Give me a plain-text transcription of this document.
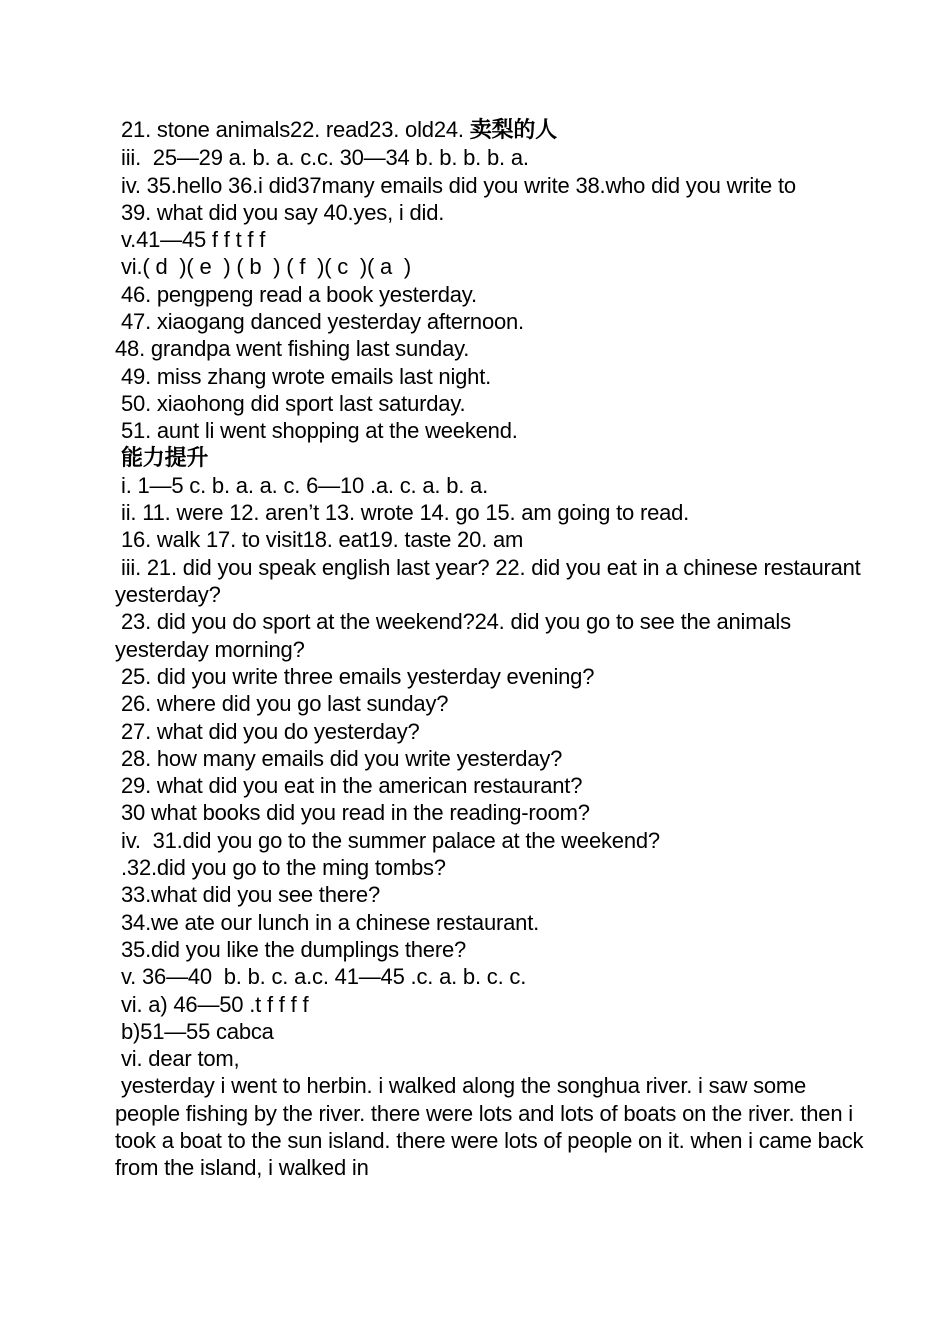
21. stone animals22. read23. old24. 卖梨的人
iii.  25—29 a. b. a. c.c. 30—34 b. b. b. b. a.
iv. 35.hello 36.i did37many emails did you write 38.who did you write to
39. what did you say 40.yes, i did.
v.41—45 f f t f f
vi.( d  )( e  ) ( b  ) ( f  )( c  )( a  )
46. pengpeng read a book yesterday.
47. xiaogang danced yesterday afternoon.
48. grandpa went fishing last sunday.
49. miss zhang wrote emails last night.
50. xiaohong did sport last saturday.
51. aunt li went shopping at the weekend.
能力提升
i. 1—5 c. b. a. a. c. 6—10 .a. c. a. b. a.
ii. 11. were 12. aren’t 13. wrote 14. go 15. am going to read.
16. walk 17. to visit18. eat19. taste 20. am
iii. 21. did you speak english last year? 22. did you eat in a chinese restaurant yesterday?
23. did you do sport at the weekend?24. did you go to see the animals yesterday morning?
25. did you write three emails yesterday evening?
26. where did you go last sunday?
27. what did you do yesterday?
28. how many emails did you write yesterday?
29. what did you eat in the american restaurant?
30 what books did you read in the reading-room?
iv.  31.did you go to the summer palace at the weekend?
.32.did you go to the ming tombs?
33.what did you see there?
34.we ate our lunch in a chinese restaurant.
35.did you like the dumplings there?
v. 36—40  b. b. c. a.c. 41—45 .c. a. b. c. c.
vi. a) 46—50 .t f f f f
b)51—55 cabca
vi. dear tom,
yesterday i went to herbin. i walked along the songhua river. i saw some people fishing by the river. there were lots and lots of boats on the river. then i took a boat to the sun island. there were lots of people on it. when i came back from the island, i walked in
